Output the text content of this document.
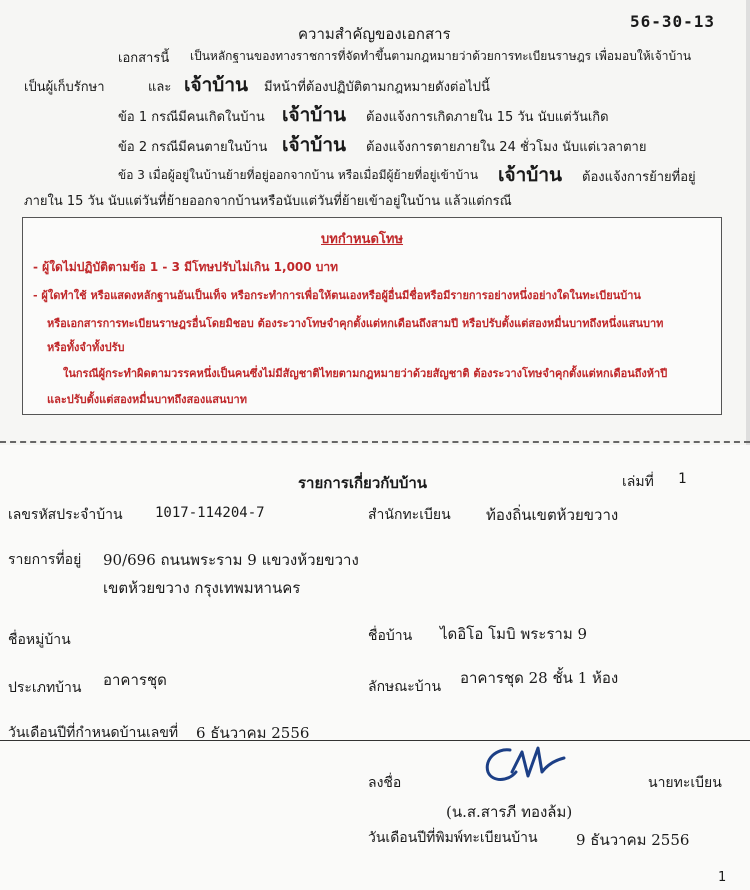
56-30-13
ความสำคัญของเอกสาร
เอกสารนี้ เป็นหลักฐานของทางราชการที่จัดทำขึ้นตามกฎหมายว่าด้วยการทะเบียนราษฎร เพื่อมอบให้เจ้าบ้าน
เป็นผู้เก็บรักษา	และ เจ้าบ้าน มีหน้าที่ต้องปฏิบัติตามกฎหมายดังต่อไปนี้
ข้อ 1 กรณีมีคนเกิดในบ้าน เจ้าบ้าน ต้องแจ้งการเกิดภายใน 15 วัน นับแต่วันเกิด
ข้อ 2 กรณีมีคนตายในบ้าน เจ้าบ้าน ต้องแจ้งการตายภายใน 24 ชั่วโมง นับแต่เวลาตาย
ข้อ 3 เมื่อผู้อยู่ในบ้านย้ายที่อยู่ออกจากบ้าน หรือเมื่อมีผู้ย้ายที่อยู่เข้าบ้าน เจ้าบ้าน ต้องแจ้งการย้ายที่อยู่
ภายใน 15 วัน นับแต่วันที่ย้ายออกจากบ้านหรือนับแต่วันที่ย้ายเข้าอยู่ในบ้าน แล้วแต่กรณี
บทกำหนดโทษ
- ผู้ใดไม่ปฏิบัติตามข้อ 1 - 3 มีโทษปรับไม่เกิน 1,000 บาท
- ผู้ใดทำใช้ หรือแสดงหลักฐานอันเป็นเท็จ หรือกระทำการเพื่อให้ตนเองหรือผู้อื่นมีชื่อหรือมีรายการอย่างหนึ่งอย่างใดในทะเบียนบ้าน
หรือเอกสารการทะเบียนราษฎรอื่นโดยมิชอบ ต้องระวางโทษจำคุกตั้งแต่หกเดือนถึงสามปี หรือปรับตั้งแต่สองหมื่นบาทถึงหนึ่งแสนบาท
หรือทั้งจำทั้งปรับ
ในกรณีผู้กระทำผิดตามวรรคหนึ่งเป็นคนซึ่งไม่มีสัญชาติไทยตามกฎหมายว่าด้วยสัญชาติ ต้องระวางโทษจำคุกตั้งแต่หกเดือนถึงห้าปี
และปรับตั้งแต่สองหมื่นบาทถึงสองแสนบาท
รายการเกี่ยวกับบ้าน	เล่มที่ 1
เลขรหัสประจำบ้าน 1017-114204-7	สำนักทะเบียน ท้องถิ่นเขตห้วยขวาง
รายการที่อยู่ 90/696 ถนนพระราม 9 แขวงห้วยขวาง
เขตห้วยขวาง กรุงเทพมหานคร
ชื่อหมู่บ้าน	ชื่อบ้าน ไดอิโอ โมบิ พระราม 9
ประเภทบ้าน อาคารชุด	ลักษณะบ้าน อาคารชุด 28 ชั้น 1 ห้อง
วันเดือนปีที่กำหนดบ้านเลขที่ 6 ธันวาคม 2556
ลงชื่อ	นายทะเบียน
(น.ส.สารภี ทองล้ม)
วันเดือนปีที่พิมพ์ทะเบียนบ้าน	9 ธันวาคม 2556
1
